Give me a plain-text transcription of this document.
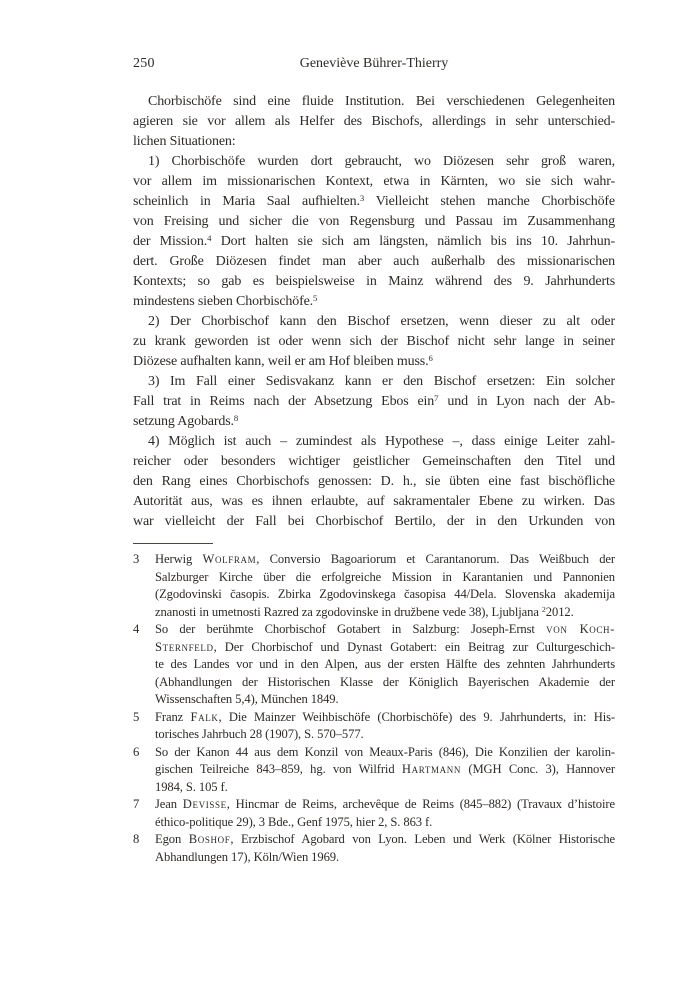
250	Geneviève Bührer-Thierry
Chorbischöfe sind eine fluide Institution. Bei verschiedenen Gelegenheiten
agieren sie vor allem als Helfer des Bischofs, allerdings in sehr unterschied-
lichen Situationen:
1) Chorbischöfe wurden dort gebraucht, wo Diözesen sehr groß waren,
vor allem im missionarischen Kontext, etwa in Kärnten, wo sie sich wahr-
scheinlich in Maria Saal aufhielten.$^3$ Vielleicht stehen manche Chorbischöfe
von Freising und sicher die von Regensburg und Passau im Zusammenhang
der Mission.$^4$ Dort halten sie sich am längsten, nämlich bis ins 10. Jahrhun-
dert. Große Diözesen findet man aber auch außerhalb des missionarischen
Kontexts; so gab es beispielsweise in Mainz während des 9. Jahrhunderts
mindestens sieben Chorbischöfe.$^5$
2) Der Chorbischof kann den Bischof ersetzen, wenn dieser zu alt oder
zu krank geworden ist oder wenn sich der Bischof nicht sehr lange in seiner
Diözese aufhalten kann, weil er am Hof bleiben muss.$^6$
3) Im Fall einer Sedisvakanz kann er den Bischof ersetzen: Ein solcher
Fall trat in Reims nach der Absetzung Ebos ein$^7$ und in Lyon nach der Ab-
setzung Agobards.$^8$
4) Möglich ist auch – zumindest als Hypothese –, dass einige Leiter zahl-
reicher oder besonders wichtiger geistlicher Gemeinschaften den Titel und
den Rang eines Chorbischofs genossen: D. h., sie übten eine fast bischöfliche
Autorität aus, was es ihnen erlaubte, auf sakramentaler Ebene zu wirken. Das
war vielleicht der Fall bei Chorbischof Bertilo, der in den Urkunden von
3 Herwig Wolfram, Conversio Bagoariorum et Carantanorum. Das Weißbuch der
Salzburger Kirche über die erfolgreiche Mission in Karantanien und Pannonien
(Zgodovinski časopis. Zbirka Zgodovinskega časopisa 44/Dela. Slovenska akademija
znanosti in umetnosti Razred za zgodovinske in družbene vede 38), Ljubljana $^2$2012.
4 So der berühmte Chorbischof Gotabert in Salzburg: Joseph-Ernst von Koch-
Sternfeld, Der Chorbischof und Dynast Gotabert: ein Beitrag zur Culturgeschich-
te des Landes vor und in den Alpen, aus der ersten Hälfte des zehnten Jahrhunderts
(Abhandlungen der Historischen Klasse der Königlich Bayerischen Akademie der
Wissenschaften 5,4), München 1849.
5 Franz Falk, Die Mainzer Weihbischöfe (Chorbischöfe) des 9. Jahrhunderts, in: His-
torisches Jahrbuch 28 (1907), S. 570–577.
6 So der Kanon 44 aus dem Konzil von Meaux-Paris (846), Die Konzilien der karolin-
gischen Teilreiche 843–859, hg. von Wilfrid Hartmann (MGH Conc. 3), Hannover
1984, S. 105 f.
7 Jean Devisse, Hincmar de Reims, archevêque de Reims (845–882) (Travaux d’histoire
éthico-politique 29), 3 Bde., Genf 1975, hier 2, S. 863 f.
8 Egon Boshof, Erzbischof Agobard von Lyon. Leben und Werk (Kölner Historische
Abhandlungen 17), Köln/Wien 1969.
